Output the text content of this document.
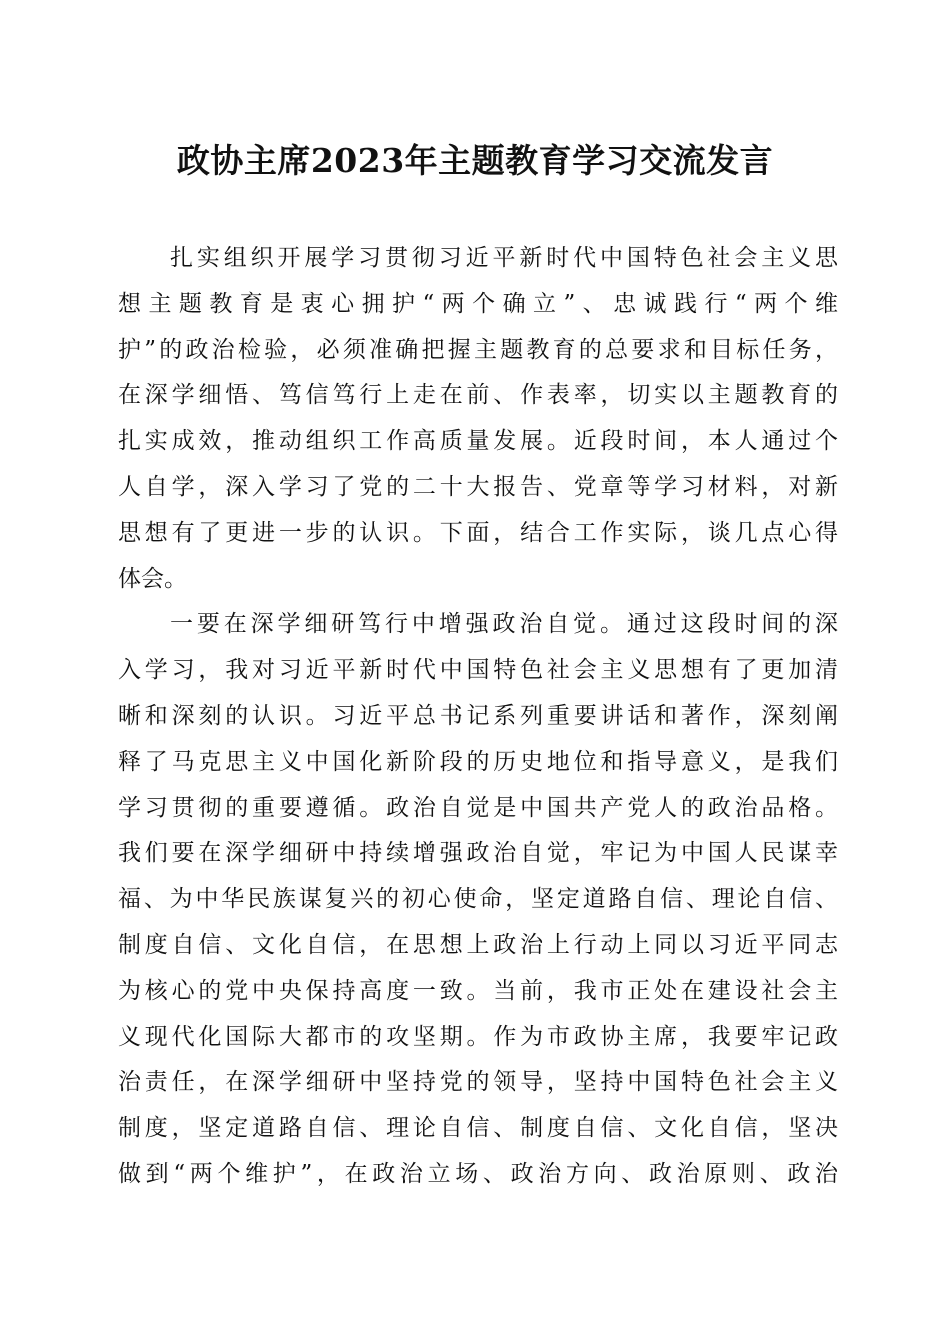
政协主席2023年主题教育学习交流发言

扎实组织开展学习贯彻习近平新时代中国特色社会主义思
想主题教育是衷心拥护“两个确立”、忠诚践行“两个维
护”的政治检验，必须准确把握主题教育的总要求和目标任务，
在深学细悟、笃信笃行上走在前、作表率，切实以主题教育的
扎实成效，推动组织工作高质量发展。近段时间，本人通过个
人自学，深入学习了党的二十大报告、党章等学习材料，对新
思想有了更进一步的认识。下面，结合工作实际，谈几点心得
体会。

一要在深学细研笃行中增强政治自觉。通过这段时间的深
入学习，我对习近平新时代中国特色社会主义思想有了更加清
晰和深刻的认识。习近平总书记系列重要讲话和著作，深刻阐
释了马克思主义中国化新阶段的历史地位和指导意义，是我们
学习贯彻的重要遵循。政治自觉是中国共产党人的政治品格。
我们要在深学细研中持续增强政治自觉，牢记为中国人民谋幸
福、为中华民族谋复兴的初心使命，坚定道路自信、理论自信、
制度自信、文化自信，在思想上政治上行动上同以习近平同志
为核心的党中央保持高度一致。当前，我市正处在建设社会主
义现代化国际大都市的攻坚期。作为市政协主席，我要牢记政
治责任，在深学细研中坚持党的领导，坚持中国特色社会主义
制度，坚定道路自信、理论自信、制度自信、文化自信，坚决
做到“两个维护”，在政治立场、政治方向、政治原则、政治
